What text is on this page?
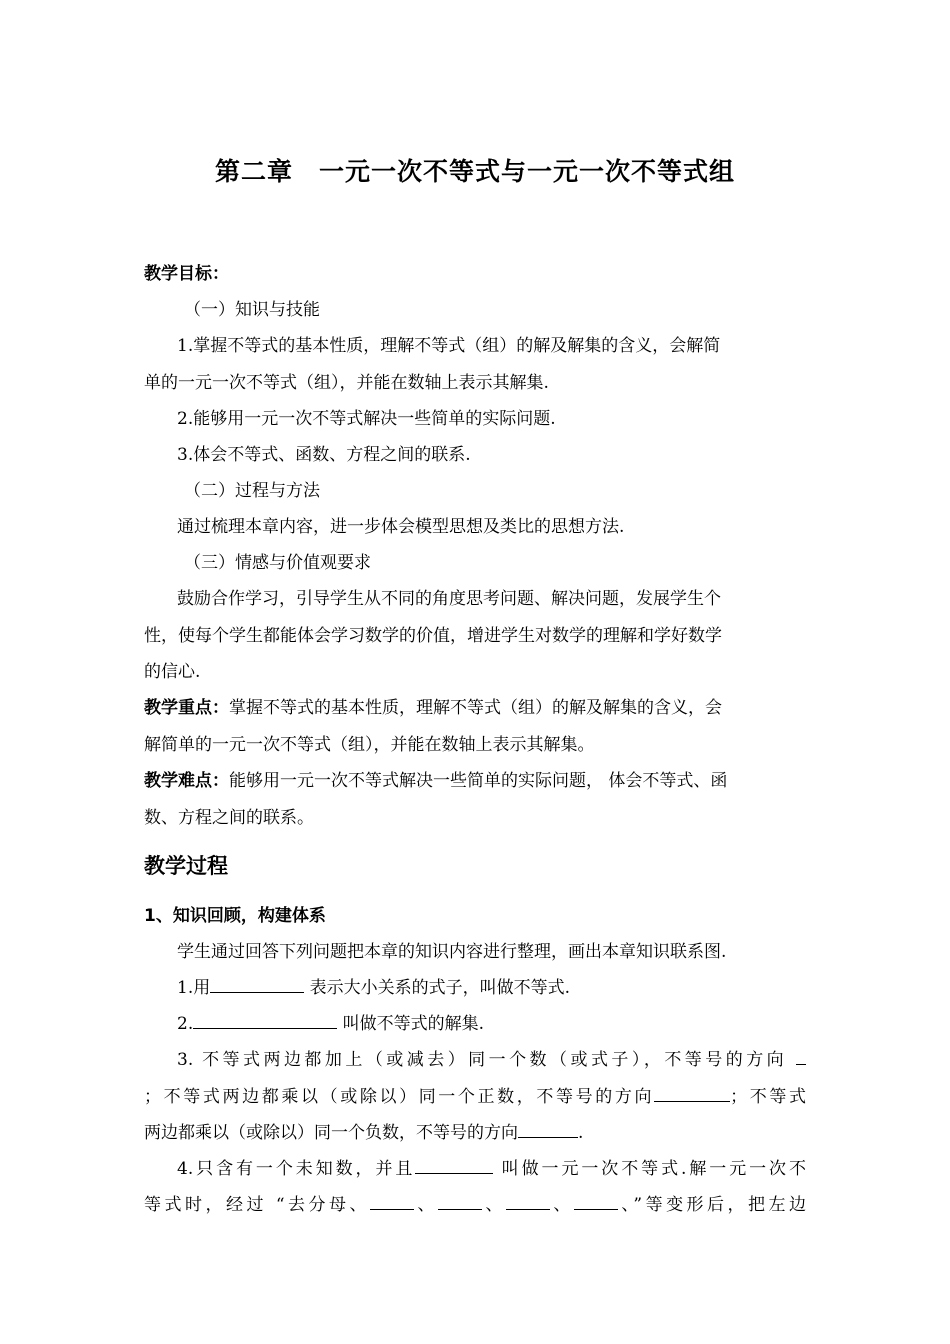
第二章　一元一次不等式与一元一次不等式组
教学目标：
（一）知识与技能
1.掌握不等式的基本性质，理解不等式（组）的解及解集的含义，会解简
单的一元一次不等式（组），并能在数轴上表示其解集.
2.能够用一元一次不等式解决一些简单的实际问题.
3.体会不等式、函数、方程之间的联系.
（二）过程与方法
通过梳理本章内容，进一步体会模型思想及类比的思想方法.
（三）情感与价值观要求
鼓励合作学习，引导学生从不同的角度思考问题、解决问题，发展学生个
性，使每个学生都能体会学习数学的价值，增进学生对数学的理解和学好数学
的信心.
教学重点：掌握不等式的基本性质，理解不等式（组）的解及解集的含义，会
解简单的一元一次不等式（组），并能在数轴上表示其解集。
教学难点：能够用一元一次不等式解决一些简单的实际问题， 体会不等式、函
数、方程之间的联系。
教学过程
1、知识回顾，构建体系
学生通过回答下列问题把本章的知识内容进行整理，画出本章知识联系图.
1.用	表示大小关系的式子，叫做不等式.
2.	叫做不等式的解集.
3. 不等式两边都加上（或减去）同一个数（或式子），不等号的方向
；不等式两边都乘以（或除以）同一个正数，不等号的方向	；不等式
两边都乘以（或除以）同一个负数，不等号的方向	.
4.只含有一个未知数，并且	叫做一元一次不等式.解一元一次不
等式时，经过 “去分母、	、	、	、	、”等变形后，把左边
